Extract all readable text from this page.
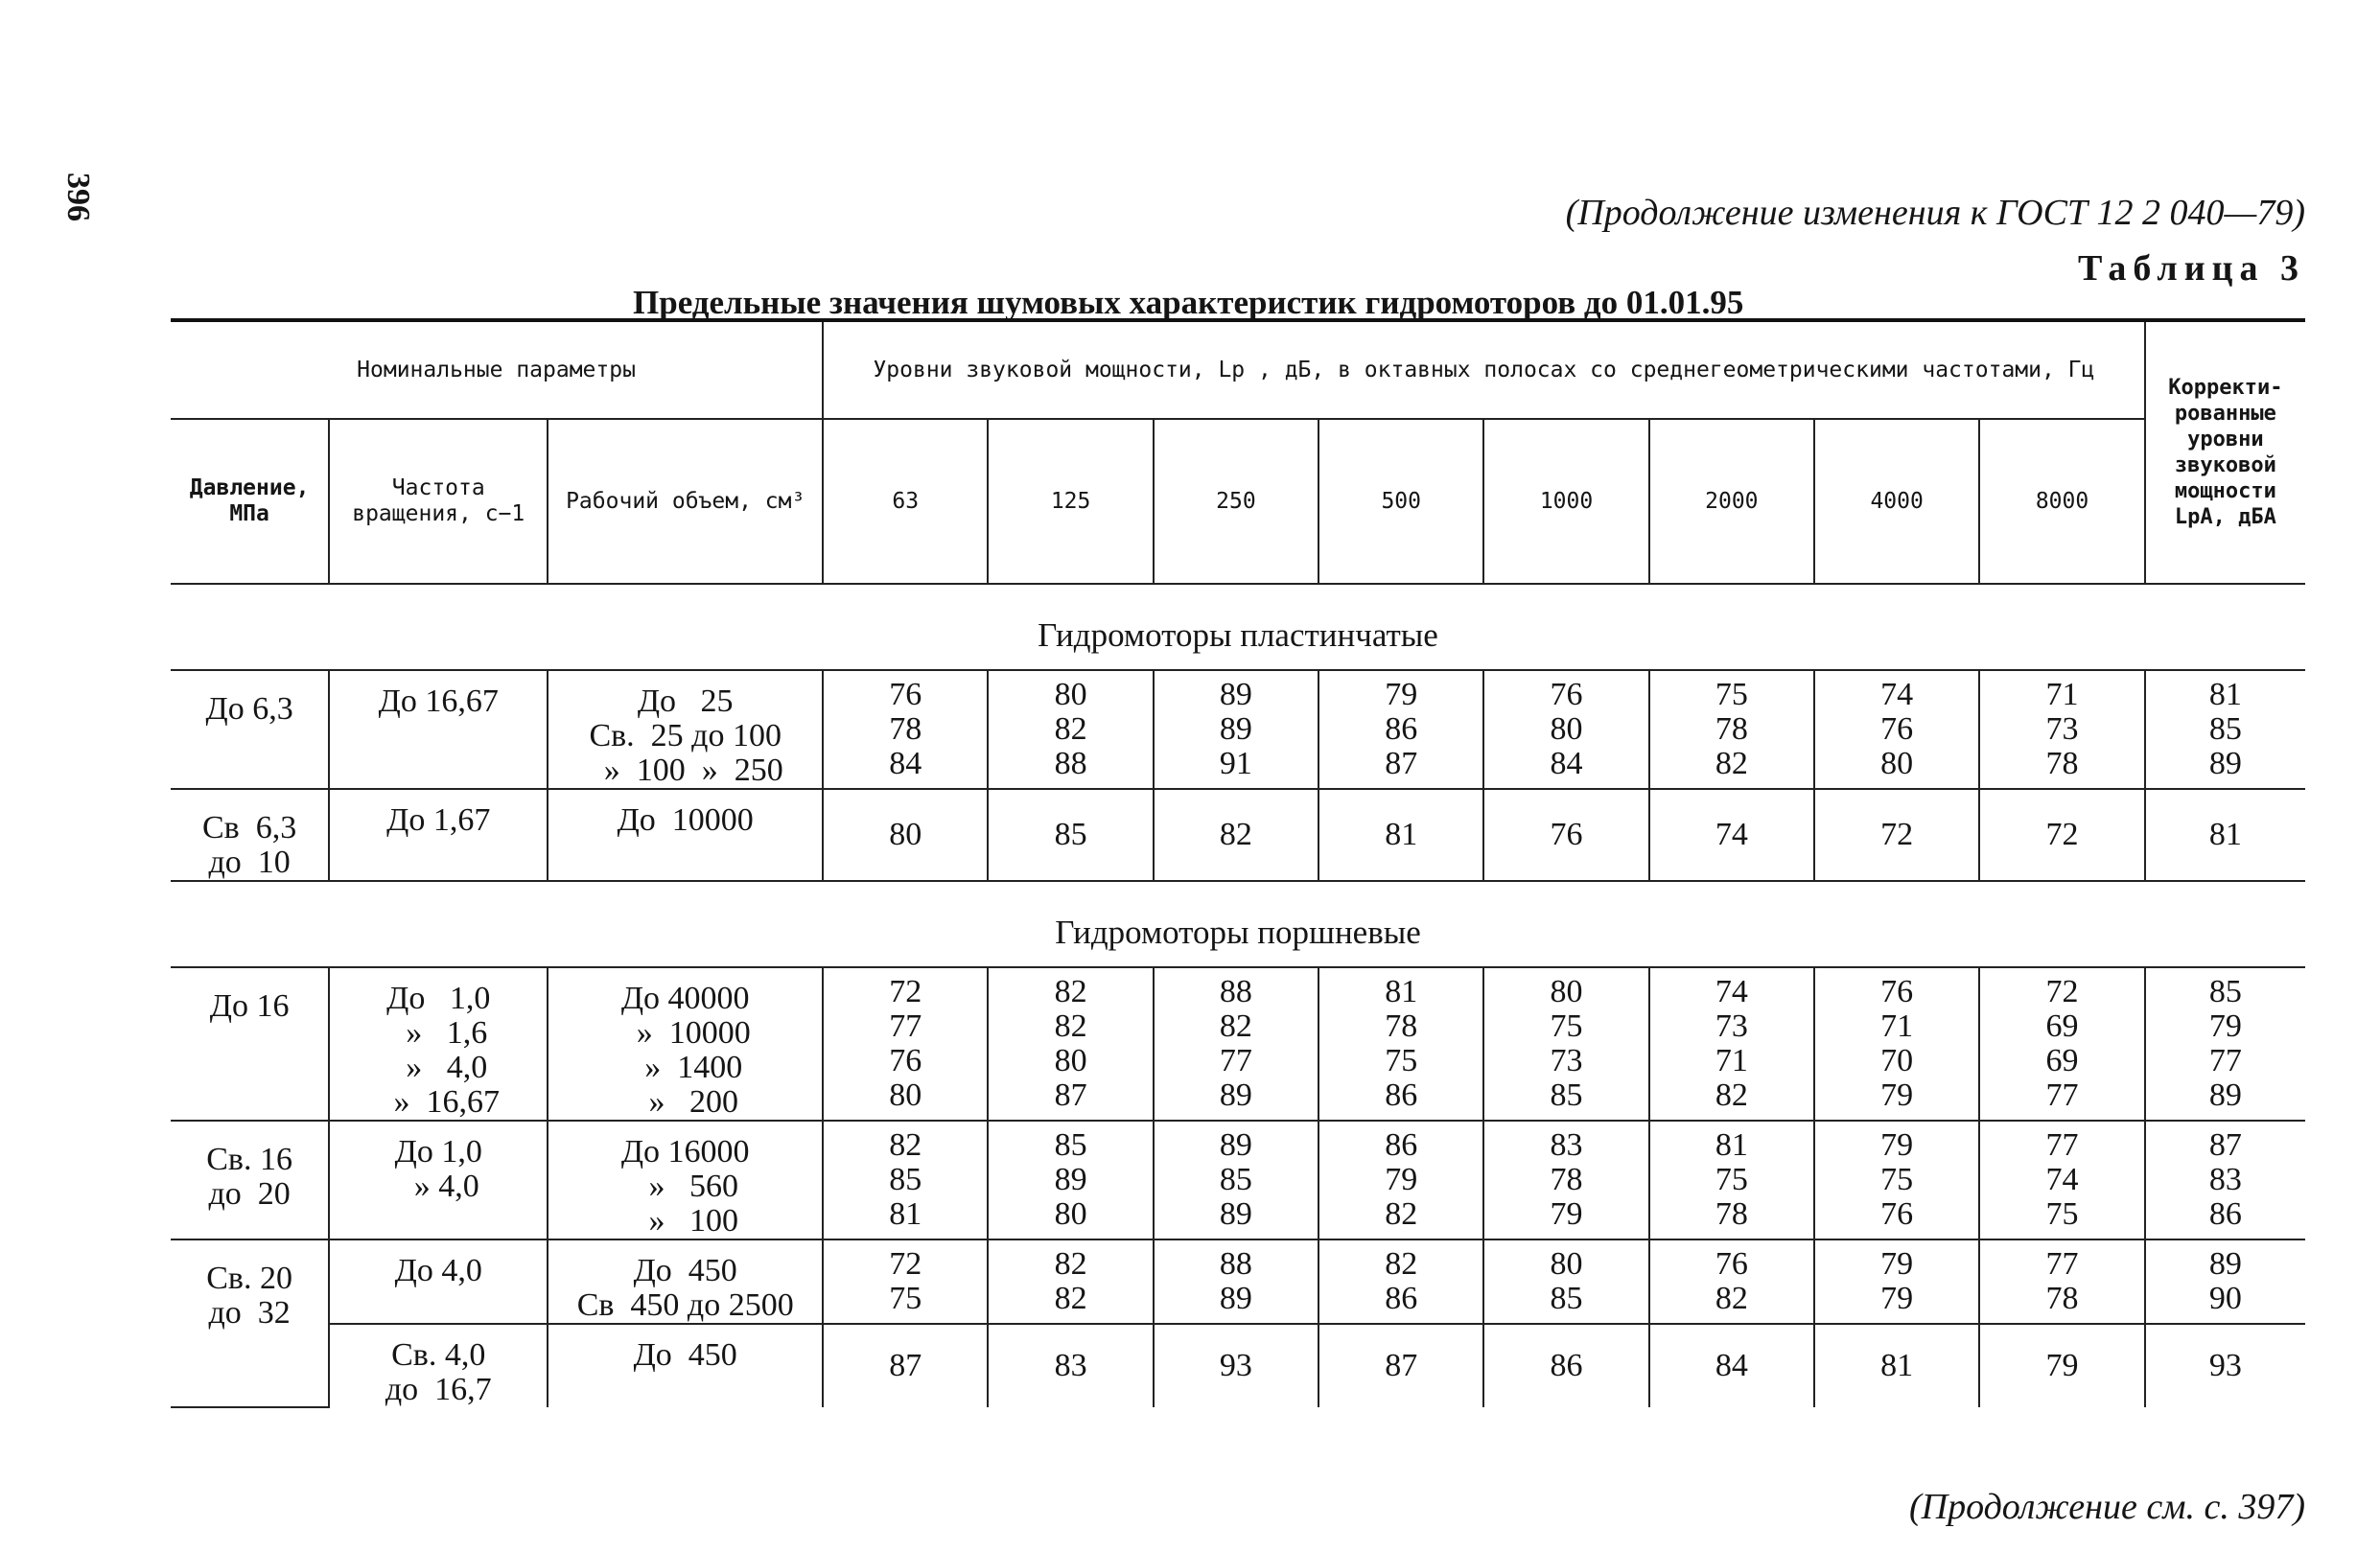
396	(Продолжение изменения к ГОСТ 12 2 040—79)
Таблица 3
Предельные значения шумовых характеристик гидромоторов до 01.01.95
Номинальные параметры			Уровни звуковой мощности, Lp , дБ, в октавных полосах со среднегеометрическими частотами, Гц								Корректированные уровни звуковой мощности LpA, дБА
Давление, МПа	Частота вращения, с−1	Рабочий объем, см³	63	125	250	500	1000	2000	4000	8000	
Гидромоторы пластинчатые											
До 6,3	До 16,67	До   25
Св.  25 до 100
»  100  »  250	76
78
84	80
82
88	89
89
91	79
86
87	76
80
84	75
78
82	74
76
80	71
73
78	81
85
89
Св  6,3
до  10	До 1,67	До  10000	80	85	82	81	76	74	72	72	81
Гидромоторы поршневые											
До 16	До   1,0
»   1,6
»   4,0
»  16,67	До 40000
»  10000
»  1400
»   200	72
77
76
80	82
82
80
87	88
82
77
89	81
78
75
86	80
75
73
85	74
73
71
82	76
71
70
79	72
69
69
77	85
79
77
89
Св. 16
до  20	До 1,0
» 4,0	До 16000
»   560
»   100	82
85
81	85
89
80	89
85
89	86
79
82	83
78
79	81
75
78	79
75
76	77
74
75	87
83
86
Св. 20
до  32	До 4,0	До  450
Св  450 до 2500	72
75	82
82	88
89	82
86	80
85	76
82	79
79	77
78	89
90
	Св. 4,0
до  16,7	До  450	87	83	93	87	86	84	81	79	93
(Продолжение см. с. 397)
